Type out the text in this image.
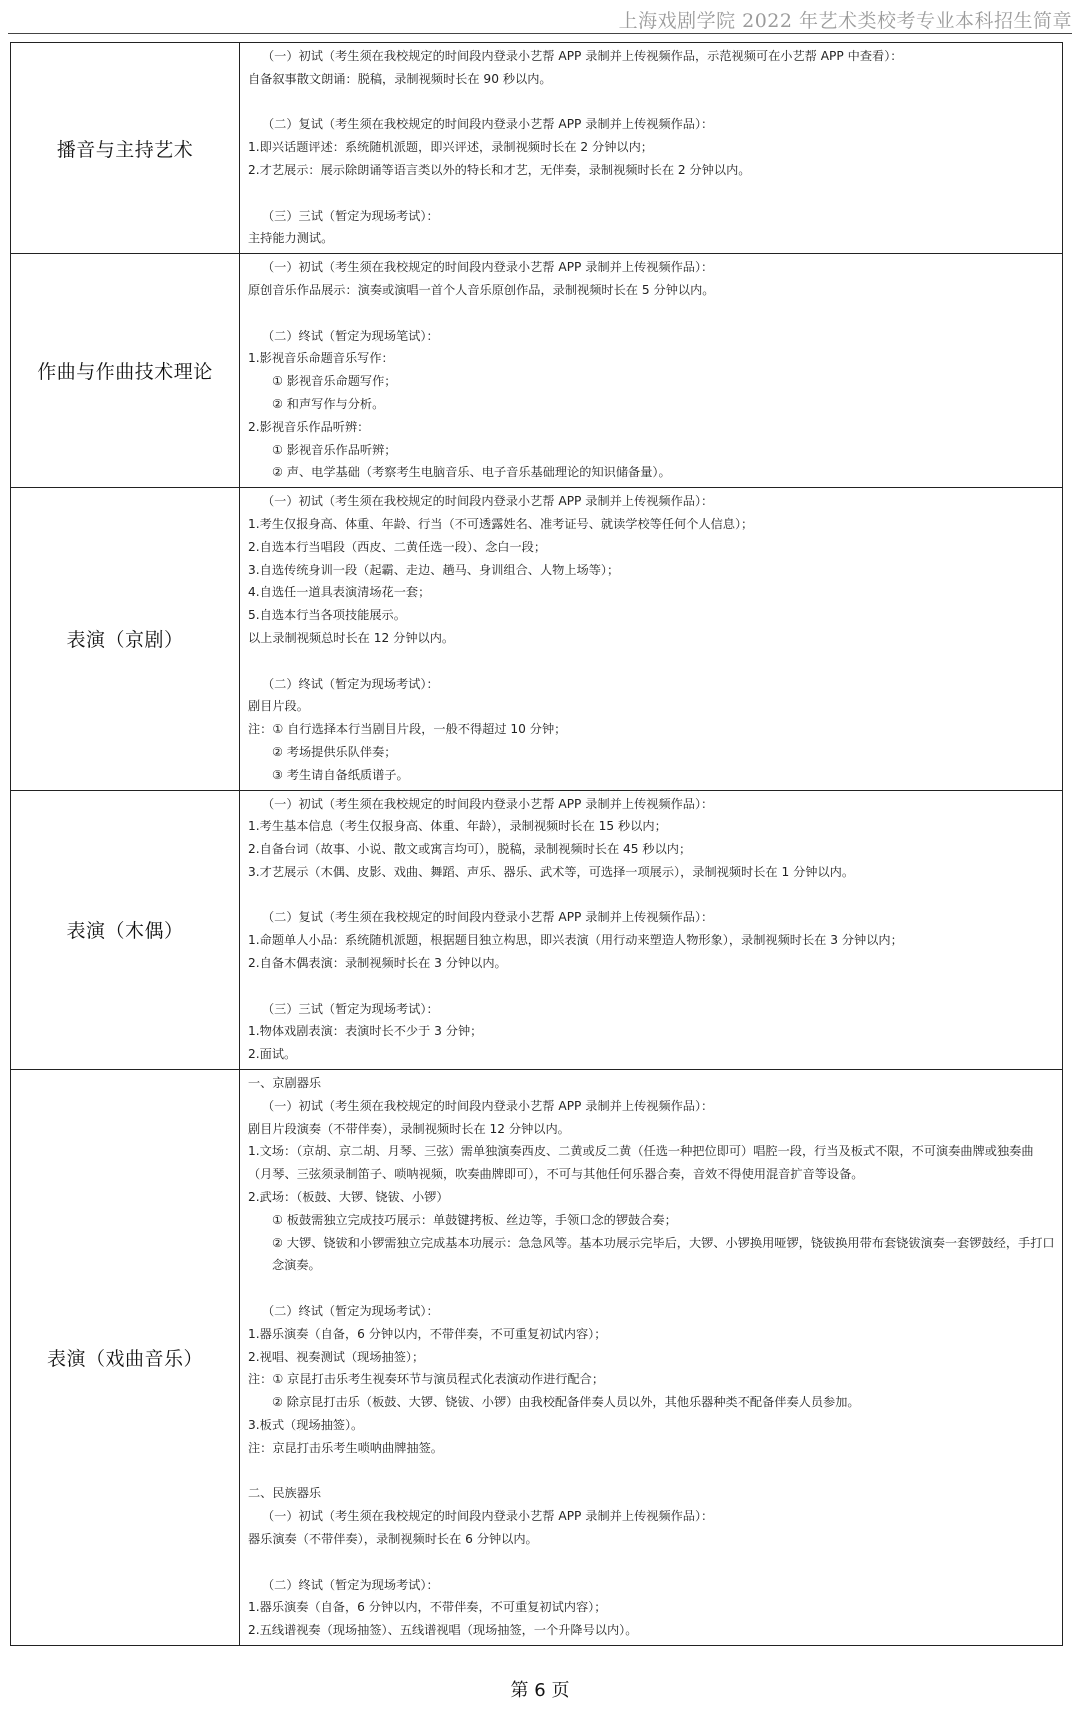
上海戏剧学院 2022 年艺术类校考专业本科招生简章
播音与主持艺术
（一）初试（考生须在我校规定的时间段内登录小艺帮 APP 录制并上传视频作品，示范视频可在小艺帮 APP 中查看）：
自备叙事散文朗诵：脱稿，录制视频时长在 90 秒以内。
（二）复试（考生须在我校规定的时间段内登录小艺帮 APP 录制并上传视频作品）：
1.即兴话题评述：系统随机派题，即兴评述，录制视频时长在 2 分钟以内；
2.才艺展示：展示除朗诵等语言类以外的特长和才艺，无伴奏，录制视频时长在 2 分钟以内。
（三）三试（暂定为现场考试）：
主持能力测试。
作曲与作曲技术理论
（一）初试（考生须在我校规定的时间段内登录小艺帮 APP 录制并上传视频作品）：
原创音乐作品展示：演奏或演唱一首个人音乐原创作品，录制视频时长在 5 分钟以内。
（二）终试（暂定为现场笔试）：
1.影视音乐命题音乐写作：
① 影视音乐命题写作；
② 和声写作与分析。
2.影视音乐作品听辨：
① 影视音乐作品听辨；
② 声、电学基础（考察考生电脑音乐、电子音乐基础理论的知识储备量）。
表演（京剧）
（一）初试（考生须在我校规定的时间段内登录小艺帮 APP 录制并上传视频作品）：
1.考生仅报身高、体重、年龄、行当（不可透露姓名、准考证号、就读学校等任何个人信息）；
2.自选本行当唱段（西皮、二黄任选一段）、念白一段；
3.自选传统身训一段（起霸、走边、趟马、身训组合、人物上场等）；
4.自选任一道具表演清场花一套；
5.自选本行当各项技能展示。
以上录制视频总时长在 12 分钟以内。
（二）终试（暂定为现场考试）：
剧目片段。
注：① 自行选择本行当剧目片段，一般不得超过 10 分钟；
② 考场提供乐队伴奏；
③ 考生请自备纸质谱子。
表演（木偶）
（一）初试（考生须在我校规定的时间段内登录小艺帮 APP 录制并上传视频作品）：
1.考生基本信息（考生仅报身高、体重、年龄），录制视频时长在 15 秒以内；
2.自备台词（故事、小说、散文或寓言均可），脱稿，录制视频时长在 45 秒以内；
3.才艺展示（木偶、皮影、戏曲、舞蹈、声乐、器乐、武术等，可选择一项展示），录制视频时长在 1 分钟以内。
（二）复试（考生须在我校规定的时间段内登录小艺帮 APP 录制并上传视频作品）：
1.命题单人小品：系统随机派题，根据题目独立构思，即兴表演（用行动来塑造人物形象），录制视频时长在 3 分钟以内；
2.自备木偶表演：录制视频时长在 3 分钟以内。
（三）三试（暂定为现场考试）：
1.物体戏剧表演：表演时长不少于 3 分钟；
2.面试。
表演（戏曲音乐）
一、京剧器乐
（一）初试（考生须在我校规定的时间段内登录小艺帮 APP 录制并上传视频作品）：
剧目片段演奏（不带伴奏），录制视频时长在 12 分钟以内。
1.文场：（京胡、京二胡、月琴、三弦）需单独演奏西皮、二黄或反二黄（任选一种把位即可）唱腔一段，行当及板式不限，不可演奏曲牌或独奏曲（月琴、三弦须录制笛子、唢呐视频，吹奏曲牌即可），不可与其他任何乐器合奏，音效不得使用混音扩音等设备。
2.武场：（板鼓、大锣、铙钹、小锣）
① 板鼓需独立完成技巧展示：单鼓键拷板、丝边等，手领口念的锣鼓合奏；
② 大锣、铙钹和小锣需独立完成基本功展示：急急风等。基本功展示完毕后，大锣、小锣换用哑锣，铙钹换用带布套铙钹演奏一套锣鼓经，手打口念演奏。
（二）终试（暂定为现场考试）：
1.器乐演奏（自备，6 分钟以内，不带伴奏，不可重复初试内容）；
2.视唱、视奏测试（现场抽签）；
注：① 京昆打击乐考生视奏环节与演员程式化表演动作进行配合；
② 除京昆打击乐（板鼓、大锣、铙钹、小锣）由我校配备伴奏人员以外，其他乐器种类不配备伴奏人员参加。
3.板式（现场抽签）。
注：京昆打击乐考生唢呐曲牌抽签。
二、民族器乐
（一）初试（考生须在我校规定的时间段内登录小艺帮 APP 录制并上传视频作品）：
器乐演奏（不带伴奏），录制视频时长在 6 分钟以内。
（二）终试（暂定为现场考试）：
1.器乐演奏（自备，6 分钟以内，不带伴奏，不可重复初试内容）；
2.五线谱视奏（现场抽签）、五线谱视唱（现场抽签，一个升降号以内）。
第 6 页
